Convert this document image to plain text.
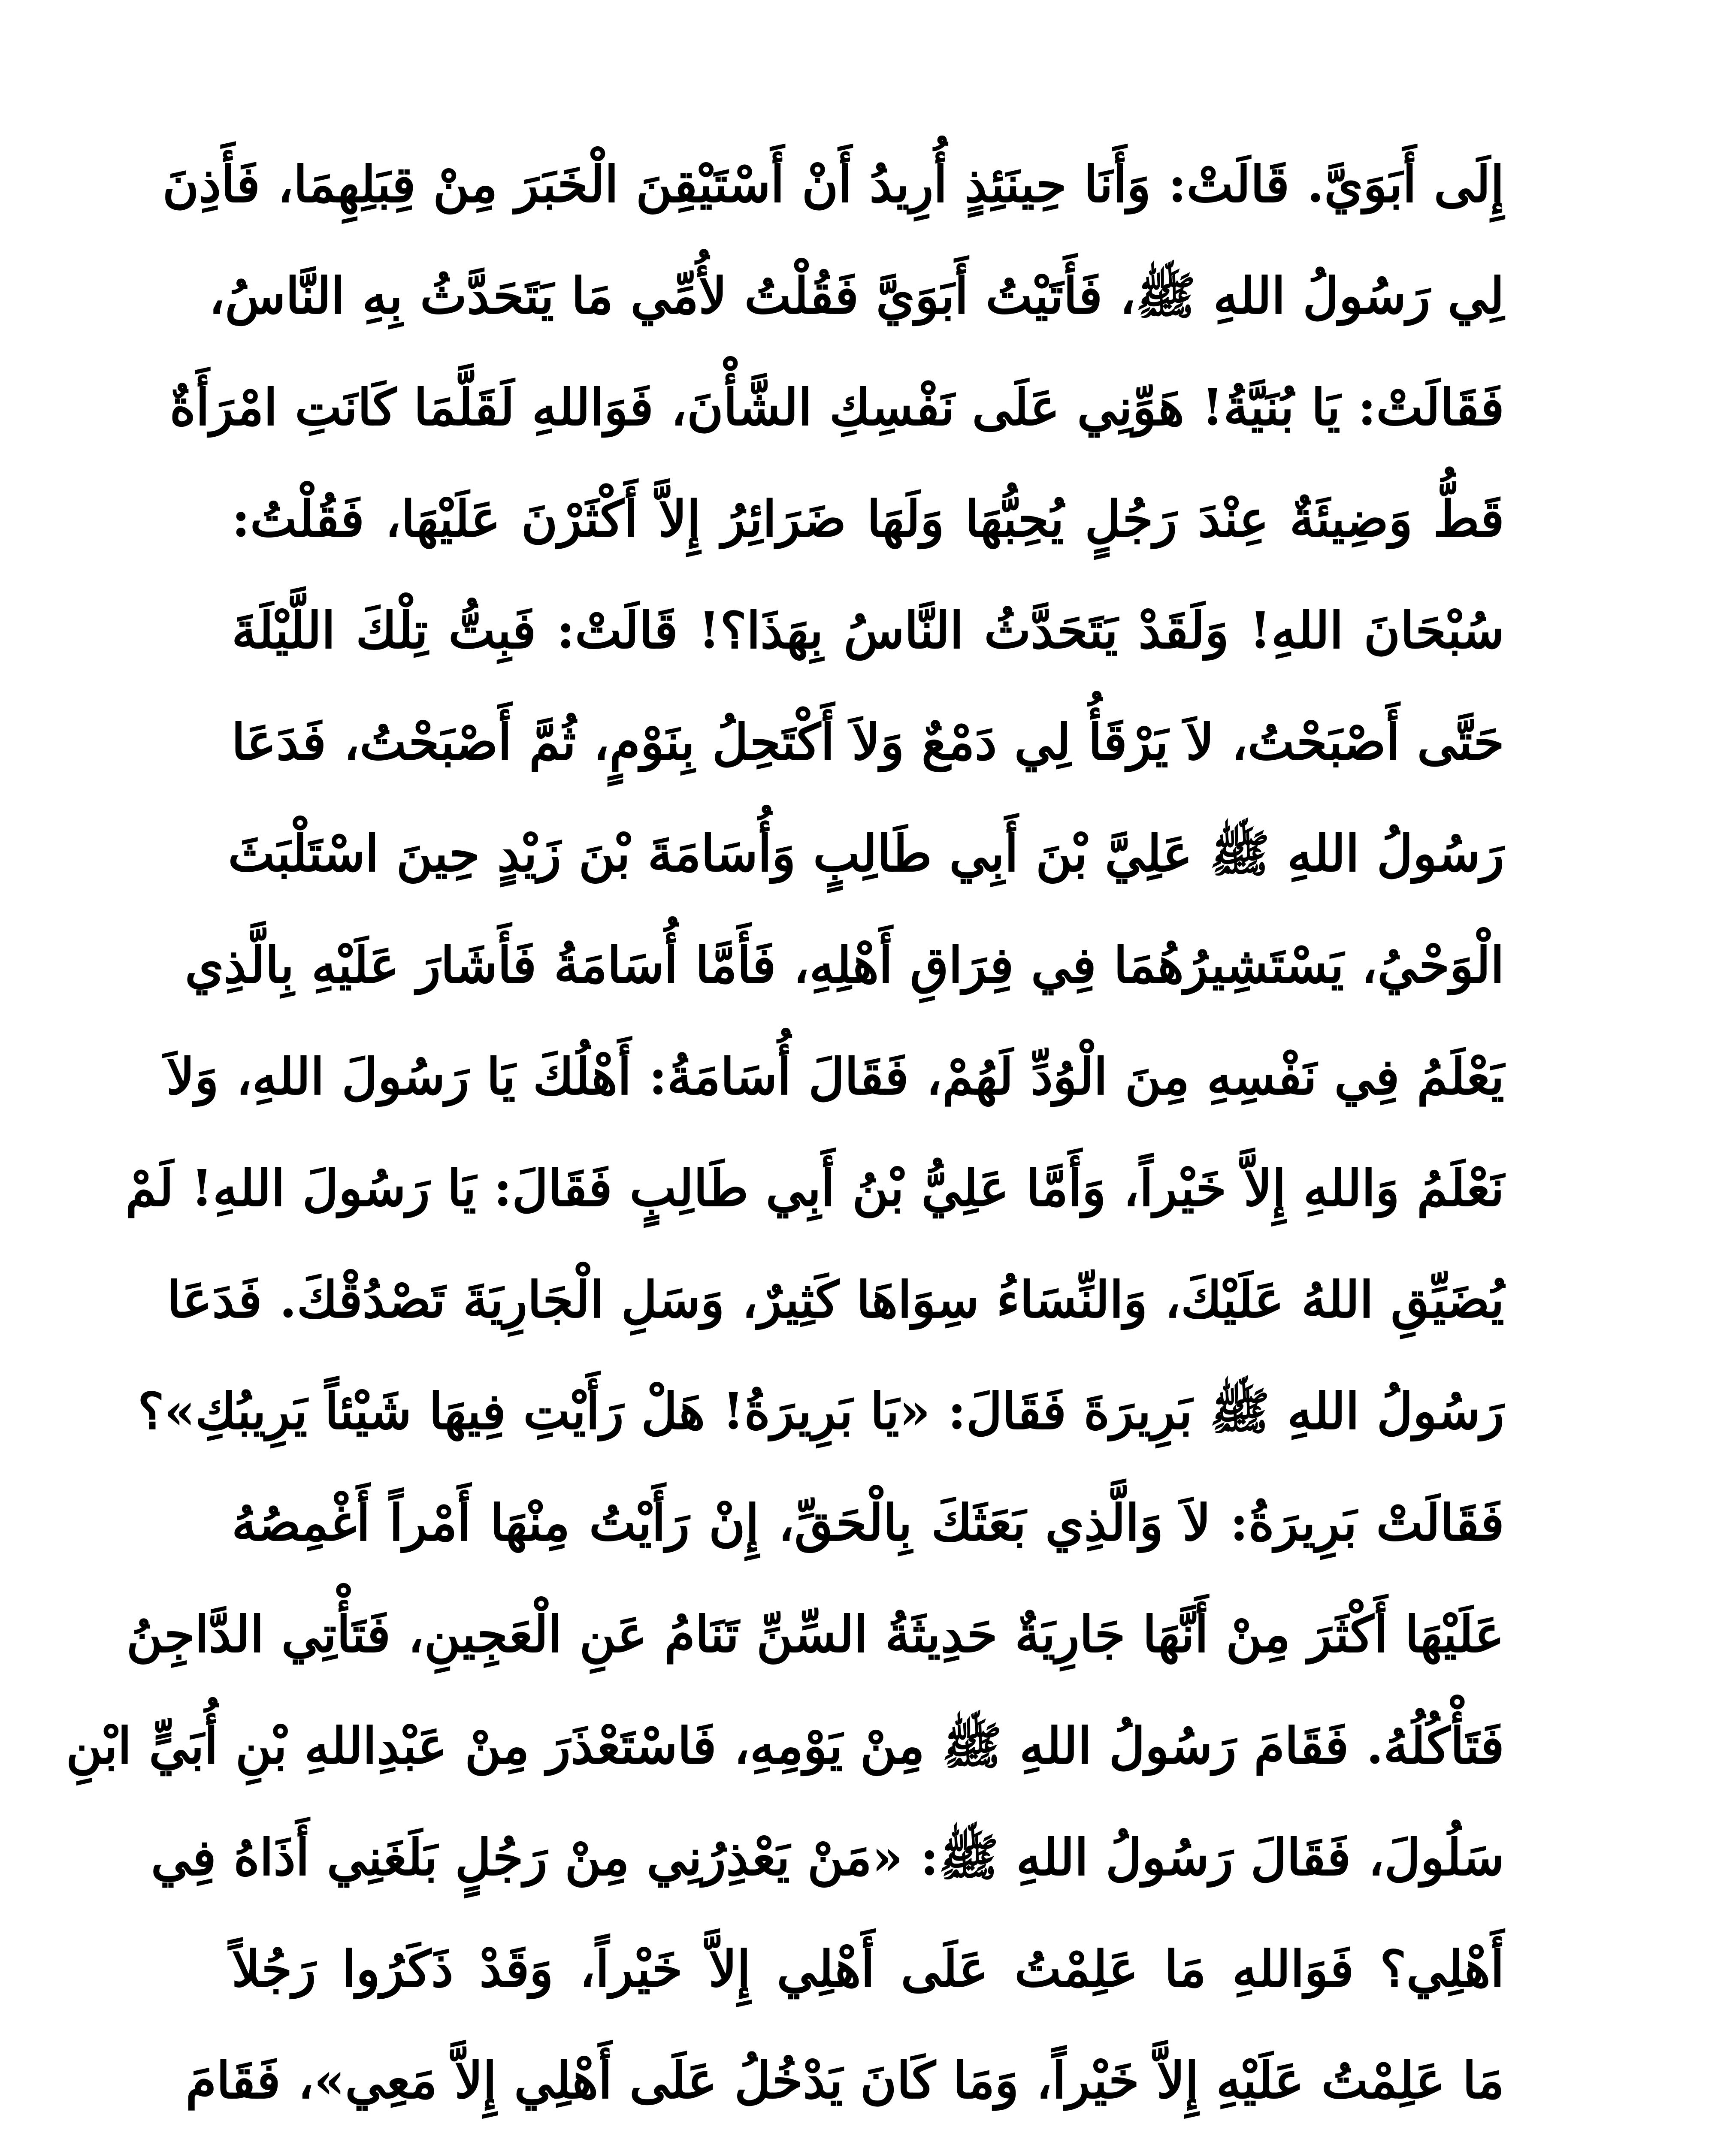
إِلَى أَبَوَيَّ. قَالَتْ: وَأَنَا حِينَئِذٍ أُرِيدُ أَنْ أَسْتَيْقِنَ الْخَبَرَ مِنْ قِبَلِهِمَا، فَأَذِنَ
لِي رَسُولُ اللهِ ﷺ، فَأَتَيْتُ أَبَوَيَّ فَقُلْتُ لأُمِّي مَا يَتَحَدَّثُ بِهِ النَّاسُ،
فَقَالَتْ: يَا بُنَيَّةُ! هَوِّنِي عَلَى نَفْسِكِ الشَّأْنَ، فَوَاللهِ لَقَلَّمَا كَانَتِ امْرَأَةٌ
قَطُّ وَضِيئَةٌ عِنْدَ رَجُلٍ يُحِبُّهَا وَلَهَا ضَرَائِرُ إِلاَّ أَكْثَرْنَ عَلَيْهَا، فَقُلْتُ:
سُبْحَانَ اللهِ! وَلَقَدْ يَتَحَدَّثُ النَّاسُ بِهَذَا؟! قَالَتْ: فَبِتُّ تِلْكَ اللَّيْلَةَ
حَتَّى أَصْبَحْتُ، لاَ يَرْقَأُ لِي دَمْعٌ وَلاَ أَكْتَحِلُ بِنَوْمٍ، ثُمَّ أَصْبَحْتُ، فَدَعَا
رَسُولُ اللهِ ﷺ عَلِيَّ بْنَ أَبِي طَالِبٍ وَأُسَامَةَ بْنَ زَيْدٍ حِينَ اسْتَلْبَثَ
الْوَحْيُ، يَسْتَشِيرُهُمَا فِي فِرَاقِ أَهْلِهِ، فَأَمَّا أُسَامَةُ فَأَشَارَ عَلَيْهِ بِالَّذِي
يَعْلَمُ فِي نَفْسِهِ مِنَ الْوُدِّ لَهُمْ، فَقَالَ أُسَامَةُ: أَهْلُكَ يَا رَسُولَ اللهِ، وَلاَ
نَعْلَمُ وَاللهِ إِلاَّ خَيْراً، وَأَمَّا عَلِيُّ بْنُ أَبِي طَالِبٍ فَقَالَ: يَا رَسُولَ اللهِ! لَمْ
يُضَيِّقِ اللهُ عَلَيْكَ، وَالنِّسَاءُ سِوَاهَا كَثِيرٌ، وَسَلِ الْجَارِيَةَ تَصْدُقْكَ. فَدَعَا
رَسُولُ اللهِ ﷺ بَرِيرَةَ فَقَالَ: «يَا بَرِيرَةُ! هَلْ رَأَيْتِ فِيهَا شَيْئاً يَرِيبُكِ»؟
فَقَالَتْ بَرِيرَةُ: لاَ وَالَّذِي بَعَثَكَ بِالْحَقِّ، إِنْ رَأَيْتُ مِنْهَا أَمْراً أَغْمِصُهُ
عَلَيْهَا أَكْثَرَ مِنْ أَنَّهَا جَارِيَةٌ حَدِيثَةُ السِّنِّ تَنَامُ عَنِ الْعَجِينِ، فَتَأْتِي الدَّاجِنُ
فَتَأْكُلُهُ. فَقَامَ رَسُولُ اللهِ ﷺ مِنْ يَوْمِهِ، فَاسْتَعْذَرَ مِنْ عَبْدِاللهِ بْنِ أُبَيٍّ ابْنِ
سَلُولَ، فَقَالَ رَسُولُ اللهِ ﷺ: «مَنْ يَعْذِرُنِي مِنْ رَجُلٍ بَلَغَنِي أَذَاهُ فِي
أَهْلِي؟ فَوَاللهِ مَا عَلِمْتُ عَلَى أَهْلِي إِلاَّ خَيْراً، وَقَدْ ذَكَرُوا رَجُلاً
مَا عَلِمْتُ عَلَيْهِ إِلاَّ خَيْراً، وَمَا كَانَ يَدْخُلُ عَلَى أَهْلِي إِلاَّ مَعِي»، فَقَامَ
